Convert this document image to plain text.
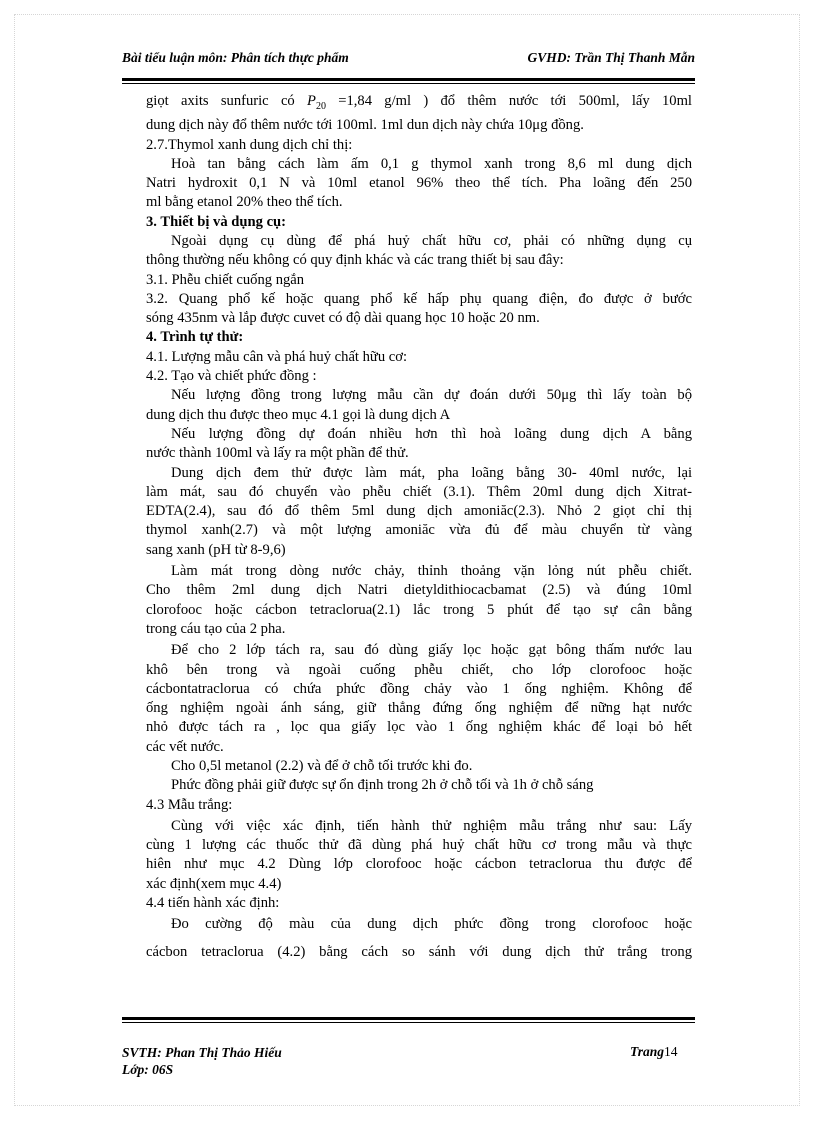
Bài tiểu luận môn: Phân tích thực phẩm	GVHD: Trần Thị Thanh Mẫn

giọt axits sunfuric có $P_{20} =1,84$ g/ml ) đổ thêm nước tới 500ml, lấy 10ml

dung dịch này đổ thêm nước tới 100ml. 1ml dun dịch này chứa 10μg đồng.

2.7.Thymol xanh dung dịch chỉ thị:

Hoà tan bằng cách làm ấm 0,1 g thymol xanh trong 8,6 ml dung dịch

Natri hydroxit 0,1 N và 10ml etanol 96% theo thể tích. Pha loãng đến 250

ml bằng etanol 20% theo thể tích.

3. Thiết bị và dụng cụ:

Ngoài dụng cụ dùng để phá huỷ chất hữu cơ, phải có những dụng cụ

thông thường nếu không có quy định khác và các trang thiết bị sau đây:

3.1. Phễu chiết cuống ngắn

3.2. Quang phổ kế hoặc quang phổ kế hấp phụ quang điện, đo được ở bước

sóng 435nm và lắp được cuvet có độ dài quang học 10 hoặc 20 nm.

4. Trình tự thử:

4.1. Lượng mẫu cân và phá huỷ chất hữu cơ:

4.2. Tạo và chiết phức đồng :

Nếu lượng đồng trong lượng mẫu cần dự đoán dưới 50μg thì lấy toàn bộ

dung dịch thu được theo mục 4.1 gọi là dung dịch A

Nếu lượng đồng dự đoán nhiều hơn thì hoà loãng dung dịch A bằng

nước thành 100ml và lấy ra một phần để thử.

Dung dịch đem thử được làm mát, pha loãng bằng 30- 40ml nước, lại

làm mát, sau đó chuyển vào phễu chiết (3.1). Thêm 20ml dung dịch Xitrat-

EDTA(2.4), sau đó đổ thêm 5ml dung dịch amoniăc(2.3). Nhỏ 2 giọt chỉ thị

thymol xanh(2.7) và một lượng amoniăc vừa đủ để màu chuyển từ vàng

sang xanh (pH từ 8-9,6)

Làm mát trong dòng nước chảy, thỉnh thoảng vặn lỏng nút phễu chiết.

Cho thêm 2ml dung dịch Natri dietyldithiocacbamat (2.5) và đúng 10ml

clorofooc hoặc cácbon tetraclorua(2.1) lắc trong 5 phút để tạo sự cân bằng

trong cáu tạo của 2 pha.

Để cho 2 lớp tách ra, sau đó dùng giấy lọc hoặc gạt bông thấm nước lau

khô bên trong và ngoài cuống phễu chiết, cho lớp clorofooc hoặc

cácbontatraclorua có chứa phức đồng chảy vào 1 ống nghiệm. Không để

ống nghiệm ngoài ánh sáng, giữ thẳng đứng ống nghiệm để nững hạt nước

nhỏ được tách ra , lọc qua giấy lọc vào 1 ống nghiệm khác để loại bỏ hết

các vết nước.

Cho 0,5l metanol (2.2) và để ở chỗ tối trước khi đo.

Phức đồng phải giữ được sự ổn định trong 2h ở chỗ tối và 1h ở chỗ sáng

4.3 Mẫu trắng:

Cùng với việc xác định, tiến hành thử nghiệm mẫu trắng như sau: Lấy

cùng 1 lượng các thuốc thử đã dùng phá huỷ chất hữu cơ trong mẫu và thực

hiên như mục 4.2 Dùng lớp clorofooc hoặc cácbon tetraclorua thu được để

xác định(xem mục 4.4)

4.4 tiến hành xác định:

Đo cường độ màu của dung dịch phức đồng trong clorofooc hoặc

cácbon tetraclorua (4.2) bằng cách so sánh với dung dịch thử trắng trong

SVTH: Phan Thị Thảo Hiếu
Lớp: 06S
Trang14
